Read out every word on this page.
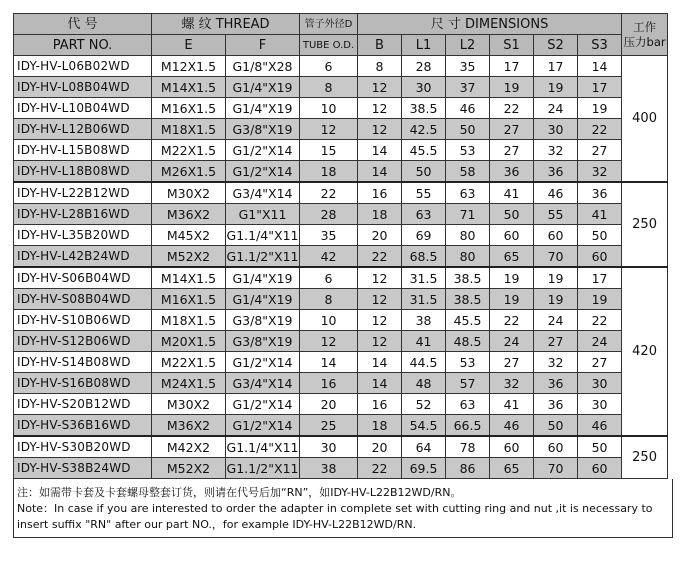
代 号	螺 纹 THREAD		管子外径D	尺 寸 DIMENSIONS						工作
压力bar

PART NO.	E	F	TUBE O.D.	B	L1	L2	S1	S2	S3	
IDY-HV-L06B02WD	M12X1.5	G1/8"X28	6	8	28	35	17	17	14	400
IDY-HV-L08B04WD	M14X1.5	G1/4"X19	8	12	30	37	19	19	17	
IDY-HV-L10B04WD	M16X1.5	G1/4"X19	10	12	38.5	46	22	24	19	
IDY-HV-L12B06WD	M18X1.5	G3/8"X19	12	12	42.5	50	27	30	22	
IDY-HV-L15B08WD	M22X1.5	G1/2"X14	15	14	45.5	53	27	32	27	
IDY-HV-L18B08WD	M26X1.5	G1/2"X14	18	14	50	58	36	36	32	
IDY-HV-L22B12WD	M30X2	G3/4"X14	22	16	55	63	41	46	36	250
IDY-HV-L28B16WD	M36X2	G1"X11	28	18	63	71	50	55	41	
IDY-HV-L35B20WD	M45X2	G1.1/4"X11	35	20	69	80	60	60	50	
IDY-HV-L42B24WD	M52X2	G1.1/2"X11	42	22	68.5	80	65	70	60	
IDY-HV-S06B04WD	M14X1.5	G1/4"X19	6	12	31.5	38.5	19	19	17	420
IDY-HV-S08B04WD	M16X1.5	G1/4"X19	8	12	31.5	38.5	19	19	19	
IDY-HV-S10B06WD	M18X1.5	G3/8"X19	10	12	38	45.5	22	24	22	
IDY-HV-S12B06WD	M20X1.5	G3/8"X19	12	12	41	48.5	24	27	24	
IDY-HV-S14B08WD	M22X1.5	G1/2"X14	14	14	44.5	53	27	32	27	
IDY-HV-S16B08WD	M24X1.5	G3/4"X14	16	14	48	57	32	36	30	
IDY-HV-S20B12WD	M30X2	G1/2"X14	20	16	52	63	41	36	30	
IDY-HV-S36B16WD	M36X2	G1/2"X14	25	18	54.5	66.5	46	50	46	
IDY-HV-S30B20WD	M42X2	G1.1/4"X11	30	20	64	78	60	60	50	250
IDY-HV-S38B24WD	M52X2	G1.1/2"X11	38	22	69.5	86	65	70	60	
注：如需带卡套及卡套螺母整套订货，则请在代号后加“RN”，如IDY-HV-L22B12WD/RN。
Note：In case if you are interested to order the adapter in complete set with cutting ring and nut ,it is necessary to insert suffix "RN" after our part NO.，for example IDY-HV-L22B12WD/RN.
